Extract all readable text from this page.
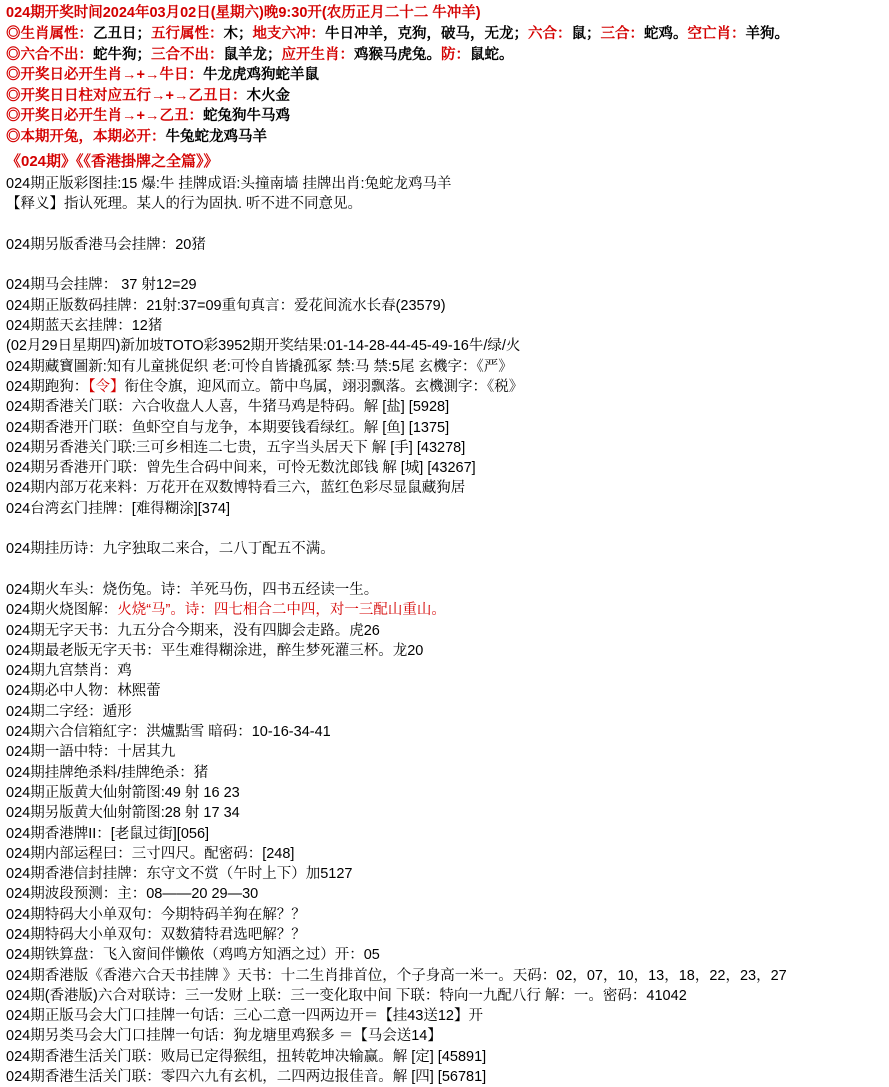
024期开奖时间2024年03月02日(星期六)晚9:30开(农历正月二十二 牛冲羊)
◎生肖属性：乙丑日；五行属性：木；地支六冲：牛日冲羊，克狗，破马，无龙；六合：鼠；三合：蛇鸡。空亡肖：羊狗。
◎六合不出：蛇牛狗；三合不出：鼠羊龙；应开生肖：鸡猴马虎兔。防：鼠蛇。
◎开奖日必开生肖→+→牛日：牛龙虎鸡狗蛇羊鼠
◎开奖日日柱对应五行→+→乙丑日：木火金
◎开奖日必开生肖→+→乙丑：蛇兔狗牛马鸡
◎本期开兔，本期必开：牛兔蛇龙鸡马羊
《024期》《《香港掛牌之全篇》》
024期正版彩图挂:15 爆:牛 挂牌成语:头撞南墙 挂牌出肖:兔蛇龙鸡马羊
【释义】指认死理。某人的行为固执. 听不进不同意见。

024期另版香港马会挂牌：20猪

024期马会挂牌： 37 射12=29
024期正版数码挂牌：21射:37=09重旬真言：爱花间流水长春(23579)
024期蓝天玄挂牌：12猪
(02月29日星期四)新加坡TOTO彩3952期开奖结果:01-14-28-44-45-49-16牛/绿/火
024期藏寶圖新:知有儿童挑促织 老:可怜自皆撬孤冢 禁:马 禁:5尾 玄機字：《严》
024期跑狗：【令】衔住令旗，迎风而立。箭中鸟属，翊羽飘落。玄機測字：《税》
024期香港关门联：六合收盘人人喜，牛猪马鸡是特码。解 [盐] [5928]
024期香港开门联：鱼虾空自与龙争，本期要钱看绿红。解 [鱼] [1375]
024期另香港关门联:三可乡相连二七贵，五字当头居天下 解 [手] [43278]
024期另香港开门联：曾先生合码中间来，可怜无数沈郎钱 解 [城] [43267]
024期内部万花来料：万花开在双数博特看三六，蓝红色彩尽显鼠藏狗居
024台湾玄门挂牌：[难得糊涂][374]

024期挂历诗：九字独取二来合，二八丁配五不满。

024期火车头：烧伤兔。诗：羊死马伤，四书五经读一生。
024期火烧图解：火烧“马”。诗：四七相合二中四，对一三配山重山。
024期无字天书：九五分合今期来，没有四脚会走路。虎26
024期最老版无字天书：平生难得糊涂进，醉生梦死灌三杯。龙20
024期九宫禁肖：鸡
024期必中人物：林熙蕾
024期二字经：遁形
024期六合信箱紅字：洪爐點雪 暗码：10-16-34-41
024期一語中特：十居其九
024期挂牌绝杀料/挂牌绝杀：猪
024期正版黄大仙射箭图:49 射 16 23
024期另版黄大仙射箭图:28 射 17 34
024期香港牌II：[老鼠过街][056]
024期内部运程曰：三寸四尺。配密码：[248]
024期香港信封挂牌：东守文不赏（午时上下）加5127
024期波段预测：主：08——20 29—30
024期特码大小单双句：今期特码羊狗在解？？
024期特码大小单双句：双数猜特君选吧解？？
024期铁算盘：飞入窗间伴懒侬（鸡鸣方知酒之过）开：05
024期香港版《香港六合天书挂牌 》天书：十二生肖排首位，个子身高一米一。天码：02，07，10，13，18，22，23，27
024期(香港版)六合对联诗：三一发财 上联：三一变化取中间 下联：特向一九配八行 解：一。密码：41042
024期正版马会大门口挂牌一句话：三心二意一四两边开＝【挂43送12】开
024期另类马会大门口挂牌一句话：狗龙塘里鸡猴多 ＝【马会送14】
024期香港生活关门联：败局已定得猴组，扭转乾坤决输赢。解 [定] [45891]
024期香港生活关门联：零四六九有玄机，二四两边报佳音。解 [四] [56781]
